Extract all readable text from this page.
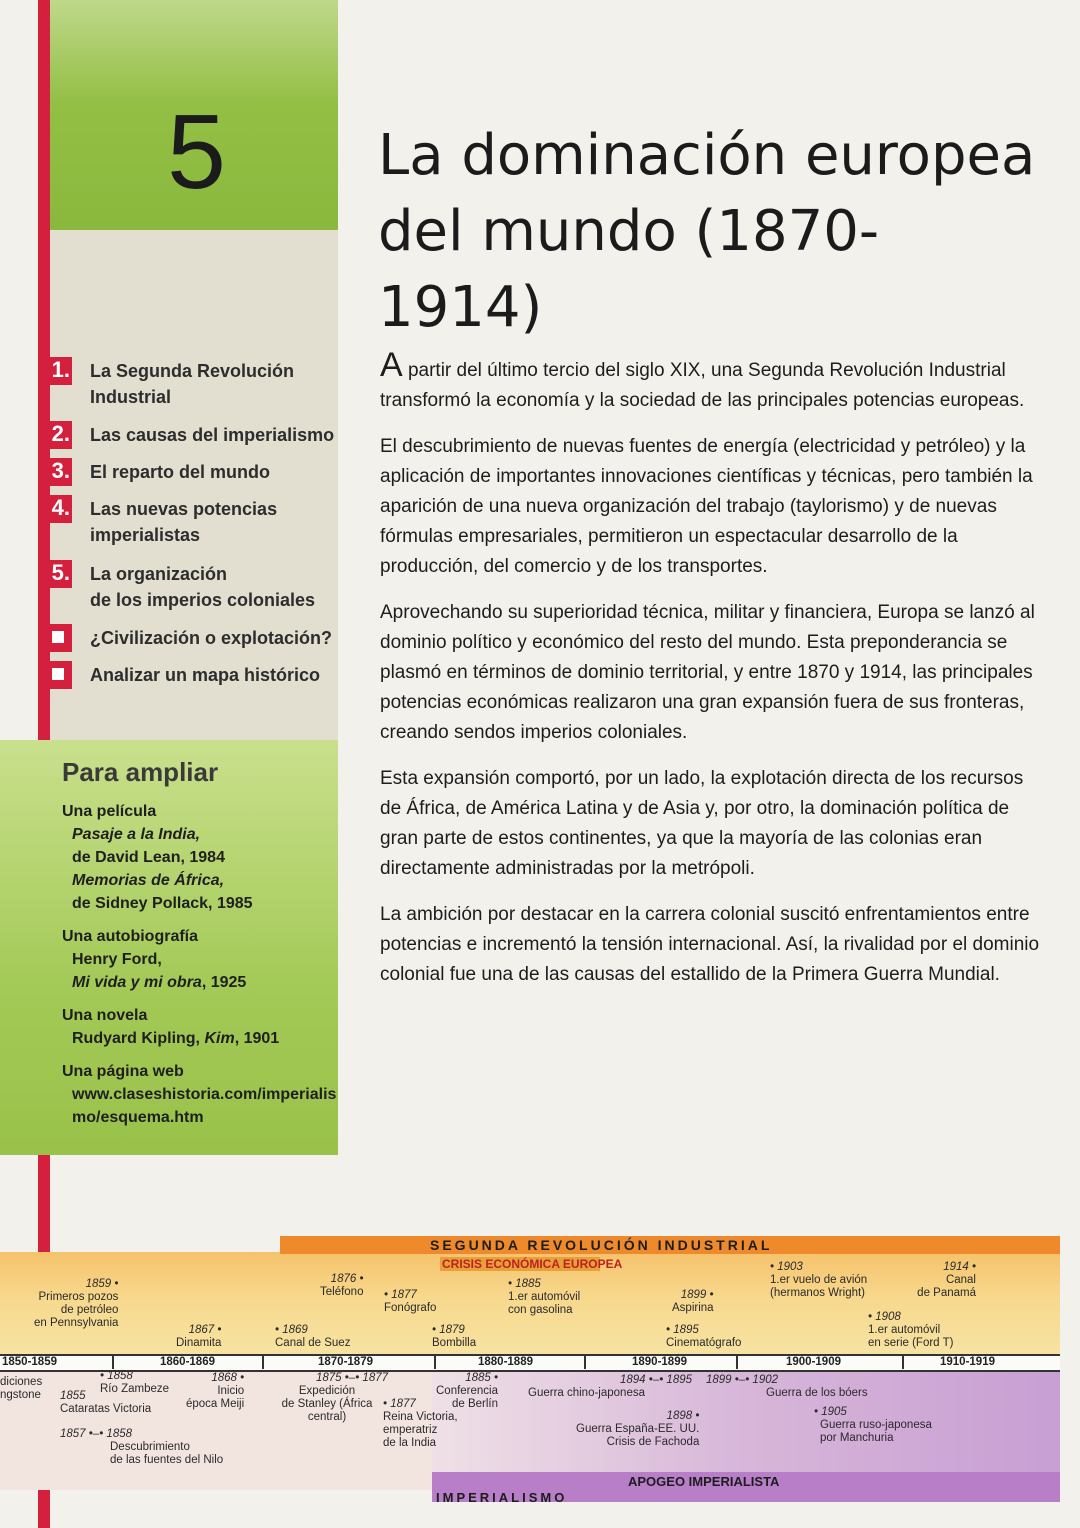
5	La dominación europea
del mundo (1870-1914)
1. La Segunda Revolución
Industrial
2. Las causas del imperialismo
3. El reparto del mundo
4. Las nuevas potencias
imperialistas
5. La organización
de los imperios coloniales
¿Civilización o explotación?
Analizar un mapa histórico
Para ampliar
Una película
Pasaje a la India,
de David Lean, 1984
Memorias de África,
de Sidney Pollack, 1985
Una autobiografía
Henry Ford,
Mi vida y mi obra, 1925
Una novela
Rudyard Kipling, Kim, 1901
Una página web
www.claseshistoria.com/imperialis
mo/esquema.htm

A partir del último tercio del siglo XIX, una Segunda Revolución Industrial transformó la economía y la sociedad de las principales potencias europeas.

El descubrimiento de nuevas fuentes de energía (electricidad y petróleo) y la aplicación de importantes innovaciones científicas y técnicas, pero también la aparición de una nueva organización del trabajo (taylorismo) y de nuevas fórmulas empresariales, permitieron un espectacular desarrollo de la producción, del comercio y de los transportes.

Aprovechando su superioridad técnica, militar y financiera, Europa se lanzó al dominio político y económico del resto del mundo. Esta preponderancia se plasmó en términos de dominio territorial, y entre 1870 y 1914, las principales potencias económicas realizaron una gran expansión fuera de sus fronteras, creando sendos imperios coloniales.

Esta expansión comportó, por un lado, la explotación directa de los recursos de África, de América Latina y de Asia y, por otro, la dominación política de gran parte de estos continentes, ya que la mayoría de las colonias eran directamente administradas por la metrópoli.

La ambición por destacar en la carrera colonial suscitó enfrentamientos entre potencias e incrementó la tensión internacional. Así, la rivalidad por el dominio colonial fue una de las causas del estallido de la Primera Guerra Mundial.

SEGUNDA REVOLUCIÓN INDUSTRIAL
CRISIS ECONÓMICA EUROPEA
IMPERIALISMO
APOGEO IMPERIALISTA
1850-1859	1860-1869	1870-1879	1880-1889	1890-1899	1900-1909	1910-1919
1859 •
Primeros pozos
de petróleo
en Pennsylvania
1867 •
Dinamita
• 1869
Canal de Suez
1876 •
Teléfono • 1877
Fonógrafo
• 1879
Bombilla
• 1885
1.er automóvil
con gasolina
1899 •
Aspirina
• 1895
Cinematógrafo
• 1903
1.er vuelo de avión
(hermanos Wright)
1914 •
Canal
de Panamá
• 1908
1.er automóvil
en serie (Ford T)
diciones
ngstone
• 1858
Río Zambeze
1855
Cataratas Victoria
1857 •–• 1858
Descubrimiento
de las fuentes del Nilo
1868 •
Inicio
época Meiji
1875 •–• 1877
Expedición
de Stanley (África
central)
• 1877
Reina Victoria,
emperatriz
de la India
1885 •
Conferencia
de Berlín
1894 •–• 1895
Guerra chino-japonesa
1899 •–• 1902
Guerra de los bóers
1898 •
Guerra España-EE. UU.
Crisis de Fachoda
• 1905
Guerra ruso-japonesa
por Manchuria
